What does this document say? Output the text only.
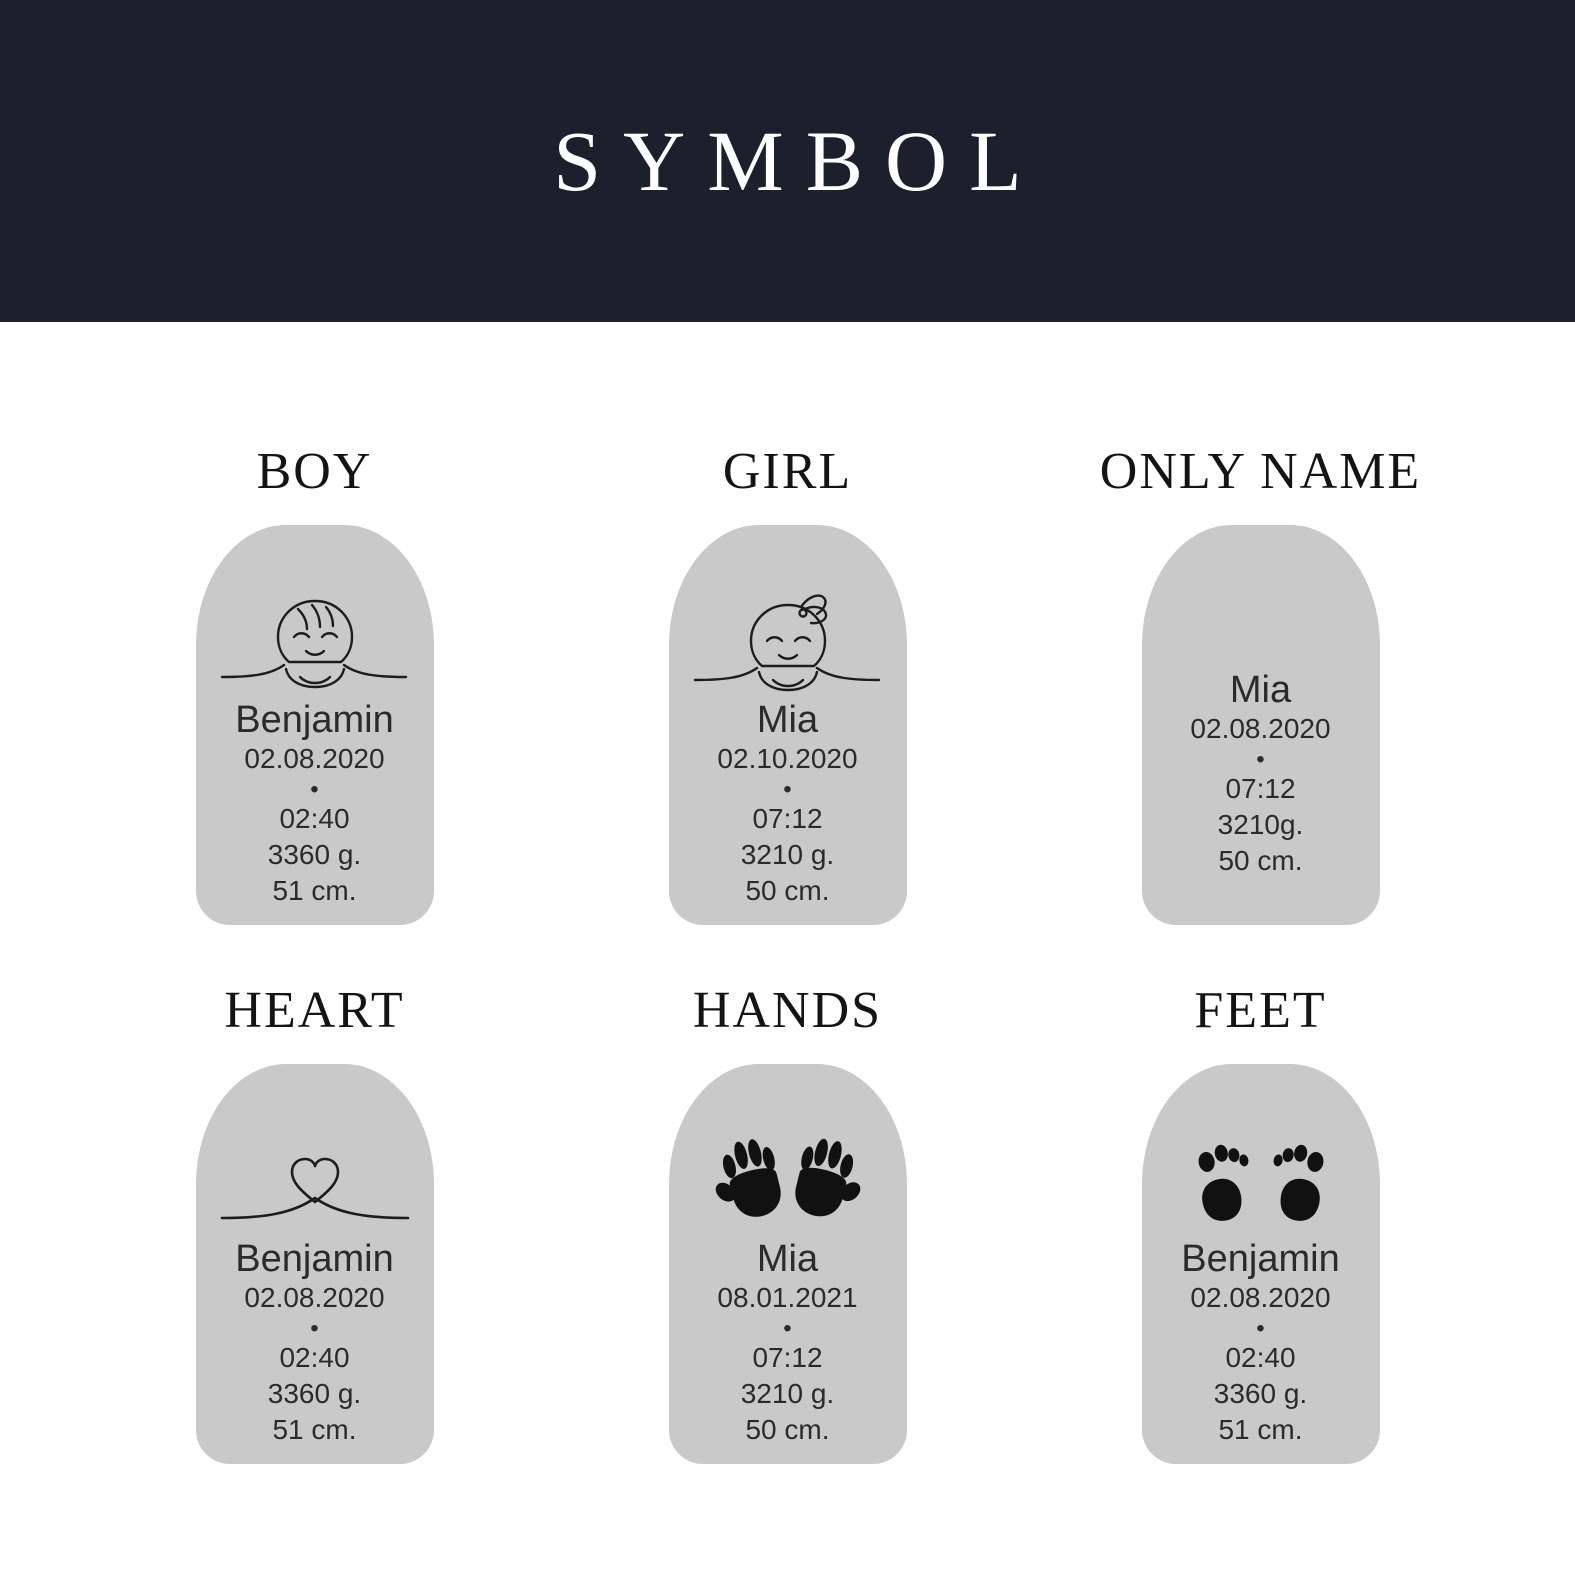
SYMBOL
BOY
Benjamin
02.08.2020
•
02:40
3360 g.
51 cm.
GIRL
Mia
02.10.2020
•
07:12
3210 g.
50 cm.
ONLY NAME
Mia
02.08.2020
•
07:12
3210g.
50 cm.
HEART
Benjamin
02.08.2020
•
02:40
3360 g.
51 cm.
HANDS
Mia
08.01.2021
•
07:12
3210 g.
50 cm.
FEET
Benjamin
02.08.2020
•
02:40
3360 g.
51 cm.
